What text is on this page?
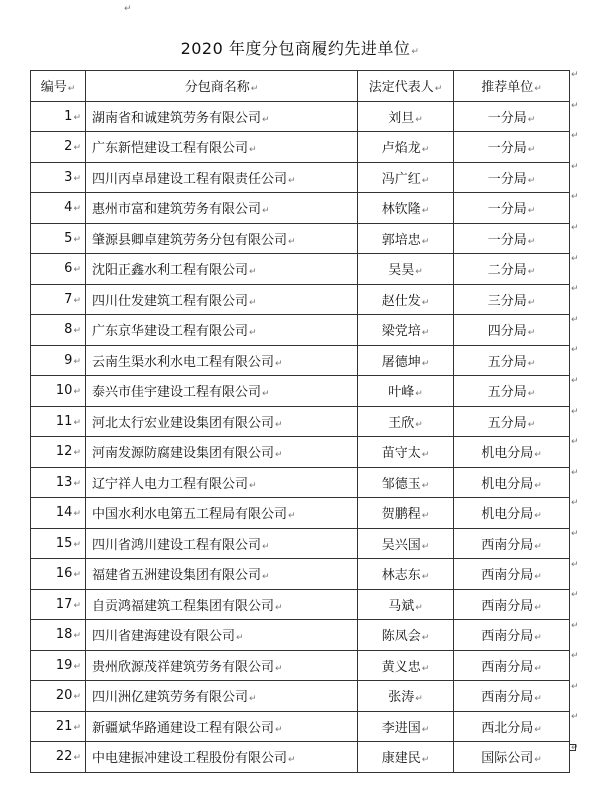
↵
2020 年度分包商履约先进单位↵
编号↵	分包商名称↵	法定代表人↵	推荐单位↵
1↵	湖南省和诚建筑劳务有限公司↵	刘旦↵	一分局↵
2↵	广东新恺建设工程有限公司↵	卢焰龙↵	一分局↵
3↵	四川丙卓昂建设工程有限责任公司↵	冯广红↵	一分局↵
4↵	惠州市富和建筑劳务有限公司↵	林钦隆↵	一分局↵
5↵	肇源县卿卓建筑劳务分包有限公司↵	郭培忠↵	一分局↵
6↵	沈阳正鑫水利工程有限公司↵	吴昊↵	二分局↵
7↵	四川仕发建筑工程有限公司↵	赵仕发↵	三分局↵
8↵	广东京华建设工程有限公司↵	梁党培↵	四分局↵
9↵	云南生渠水利水电工程有限公司↵	屠德坤↵	五分局↵
10↵	泰兴市佳宇建设工程有限公司↵	叶峰↵	五分局↵
11↵	河北太行宏业建设集团有限公司↵	王欣↵	五分局↵
12↵	河南发源防腐建设集团有限公司↵	苗守太↵	机电分局↵
13↵	辽宁祥人电力工程有限公司↵	邹德玉↵	机电分局↵
14↵	中国水利水电第五工程局有限公司↵	贺鹏程↵	机电分局↵
15↵	四川省鸿川建设工程有限公司↵	吴兴国↵	西南分局↵
16↵	福建省五洲建设集团有限公司↵	林志东↵	西南分局↵
17↵	自贡鸿福建筑工程集团有限公司↵	马斌↵	西南分局↵
18↵	四川省建海建设有限公司↵	陈凤会↵	西南分局↵
19↵	贵州欣源茂祥建筑劳务有限公司↵	黄义忠↵	西南分局↵
20↵	四川洲亿建筑劳务有限公司↵	张涛↵	西南分局↵
21↵	新疆斌华路通建设工程有限公司↵	李进国↵	西北分局↵
22↵	中电建振冲建设工程股份有限公司↵	康建民↵	国际公司↵
↵
↵
↵
↵
↵
↵
↵
↵
↵
↵
↵
↵
↵
↵
↵
↵
↵
↵
↵
↵
↵
↵
↵
